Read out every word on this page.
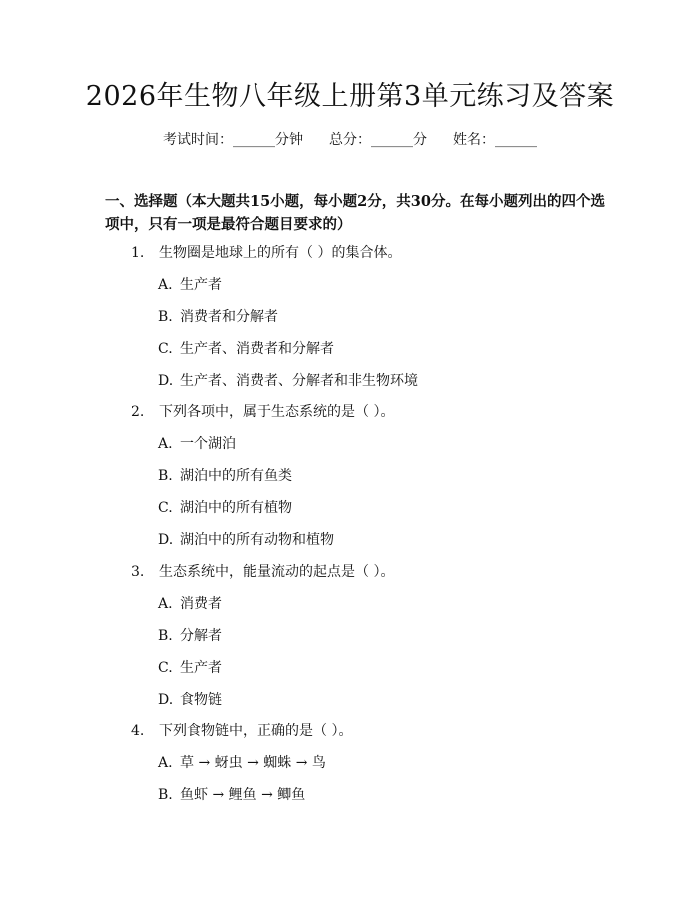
2026年生物八年级上册第3单元练习及答案
考试时间：______分钟 总分：______分 姓名：______
一、选择题（本大题共15小题，每小题2分，共30分。在每小题列出的四个选项中，只有一项是最符合题目要求的）
1. 生物圈是地球上的所有（ ）的集合体。
A. 生产者
B. 消费者和分解者
C. 生产者、消费者和分解者
D. 生产者、消费者、分解者和非生物环境
2. 下列各项中，属于生态系统的是（ ）。
A. 一个湖泊
B. 湖泊中的所有鱼类
C. 湖泊中的所有植物
D. 湖泊中的所有动物和植物
3. 生态系统中，能量流动的起点是（ ）。
A. 消费者
B. 分解者
C. 生产者
D. 食物链
4. 下列食物链中，正确的是（ ）。
A. 草 → 蚜虫 → 蜘蛛 → 鸟
B. 鱼虾 → 鲤鱼 → 鲫鱼
